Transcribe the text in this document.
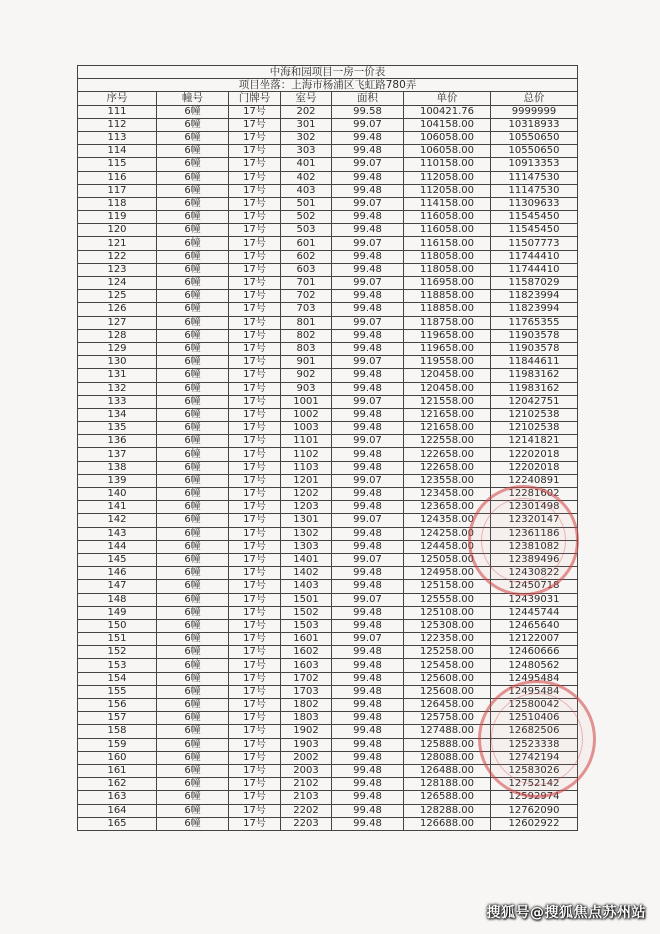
中海和园项目一房一价表						
项目坐落：上海市杨浦区飞虹路780弄						
序号	幢号	门牌号	室号	面积	单价	总价
111	6幢	17号	202	99.58	100421.76	9999999
112	6幢	17号	301	99.07	104158.00	10318933
113	6幢	17号	302	99.48	106058.00	10550650
114	6幢	17号	303	99.48	106058.00	10550650
115	6幢	17号	401	99.07	110158.00	10913353
116	6幢	17号	402	99.48	112058.00	11147530
117	6幢	17号	403	99.48	112058.00	11147530
118	6幢	17号	501	99.07	114158.00	11309633
119	6幢	17号	502	99.48	116058.00	11545450
120	6幢	17号	503	99.48	116058.00	11545450
121	6幢	17号	601	99.07	116158.00	11507773
122	6幢	17号	602	99.48	118058.00	11744410
123	6幢	17号	603	99.48	118058.00	11744410
124	6幢	17号	701	99.07	116958.00	11587029
125	6幢	17号	702	99.48	118858.00	11823994
126	6幢	17号	703	99.48	118858.00	11823994
127	6幢	17号	801	99.07	118758.00	11765355
128	6幢	17号	802	99.48	119658.00	11903578
129	6幢	17号	803	99.48	119658.00	11903578
130	6幢	17号	901	99.07	119558.00	11844611
131	6幢	17号	902	99.48	120458.00	11983162
132	6幢	17号	903	99.48	120458.00	11983162
133	6幢	17号	1001	99.07	121558.00	12042751
134	6幢	17号	1002	99.48	121658.00	12102538
135	6幢	17号	1003	99.48	121658.00	12102538
136	6幢	17号	1101	99.07	122558.00	12141821
137	6幢	17号	1102	99.48	122658.00	12202018
138	6幢	17号	1103	99.48	122658.00	12202018
139	6幢	17号	1201	99.07	123558.00	12240891
140	6幢	17号	1202	99.48	123458.00	12281602
141	6幢	17号	1203	99.48	123658.00	12301498
142	6幢	17号	1301	99.07	124358.00	12320147
143	6幢	17号	1302	99.48	124258.00	12361186
144	6幢	17号	1303	99.48	124458.00	12381082
145	6幢	17号	1401	99.07	125058.00	12389496
146	6幢	17号	1402	99.48	124958.00	12430822
147	6幢	17号	1403	99.48	125158.00	12450718
148	6幢	17号	1501	99.07	125558.00	12439031
149	6幢	17号	1502	99.48	125108.00	12445744
150	6幢	17号	1503	99.48	125308.00	12465640
151	6幢	17号	1601	99.07	122358.00	12122007
152	6幢	17号	1602	99.48	125258.00	12460666
153	6幢	17号	1603	99.48	125458.00	12480562
154	6幢	17号	1702	99.48	125608.00	12495484
155	6幢	17号	1703	99.48	125608.00	12495484
156	6幢	17号	1802	99.48	126458.00	12580042
157	6幢	17号	1803	99.48	125758.00	12510406
158	6幢	17号	1902	99.48	127488.00	12682506
159	6幢	17号	1903	99.48	125888.00	12523338
160	6幢	17号	2002	99.48	128088.00	12742194
161	6幢	17号	2003	99.48	126488.00	12583026
162	6幢	17号	2102	99.48	128188.00	12752142
163	6幢	17号	2103	99.48	126588.00	12592974
164	6幢	17号	2202	99.48	128288.00	12762090
165	6幢	17号	2203	99.48	126688.00	12602922
搜狐号@搜狐焦点苏州站
